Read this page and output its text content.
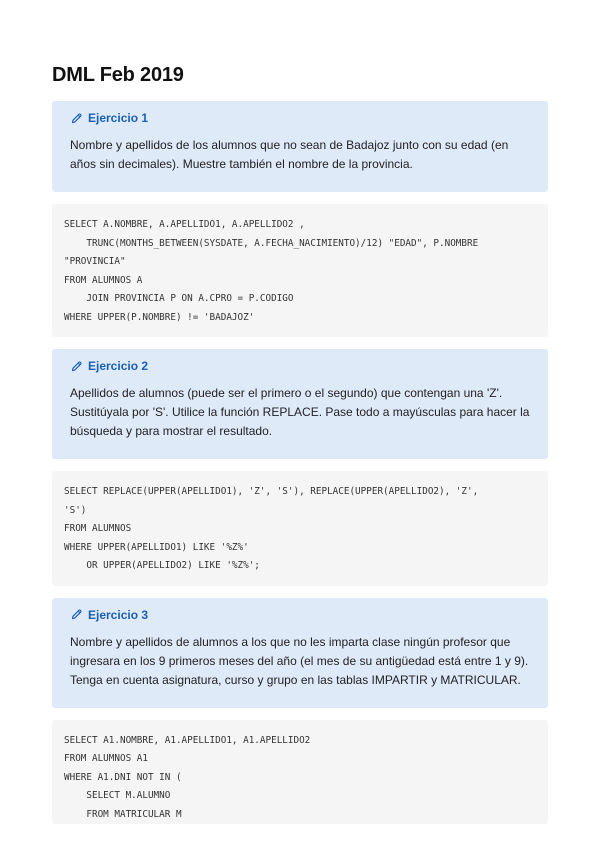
DML Feb 2019
Ejercicio 1

Nombre y apellidos de los alumnos que no sean de Badajoz junto con su edad (en años sin decimales). Muestre también el nombre de la provincia.

SELECT A.NOMBRE, A.APELLIDO1, A.APELLIDO2 ,
TRUNC(MONTHS_BETWEEN(SYSDATE, A.FECHA_NACIMIENTO)/12) "EDAD", P.NOMBRE
"PROVINCIA"
FROM ALUMNOS A
JOIN PROVINCIA P ON A.CPRO = P.CODIGO
WHERE UPPER(P.NOMBRE) != 'BADAJOZ'
Ejercicio 2

Apellidos de alumnos (puede ser el primero o el segundo) que contengan una 'Z'. Sustitúyala por 'S'. Utilice la función REPLACE. Pase todo a mayúsculas para hacer la búsqueda y para mostrar el resultado.

SELECT REPLACE(UPPER(APELLIDO1), 'Z', 'S'), REPLACE(UPPER(APELLIDO2), 'Z',
'S')
FROM ALUMNOS
WHERE UPPER(APELLIDO1) LIKE '%Z%'
OR UPPER(APELLIDO2) LIKE '%Z%';
Ejercicio 3

Nombre y apellidos de alumnos a los que no les imparta clase ningún profesor que ingresara en los 9 primeros meses del año (el mes de su antigüedad está entre 1 y 9). Tenga en cuenta asignatura, curso y grupo en las tablas IMPARTIR y MATRICULAR.

SELECT A1.NOMBRE, A1.APELLIDO1, A1.APELLIDO2
FROM ALUMNOS A1
WHERE A1.DNI NOT IN (
SELECT M.ALUMNO
FROM MATRICULAR M
